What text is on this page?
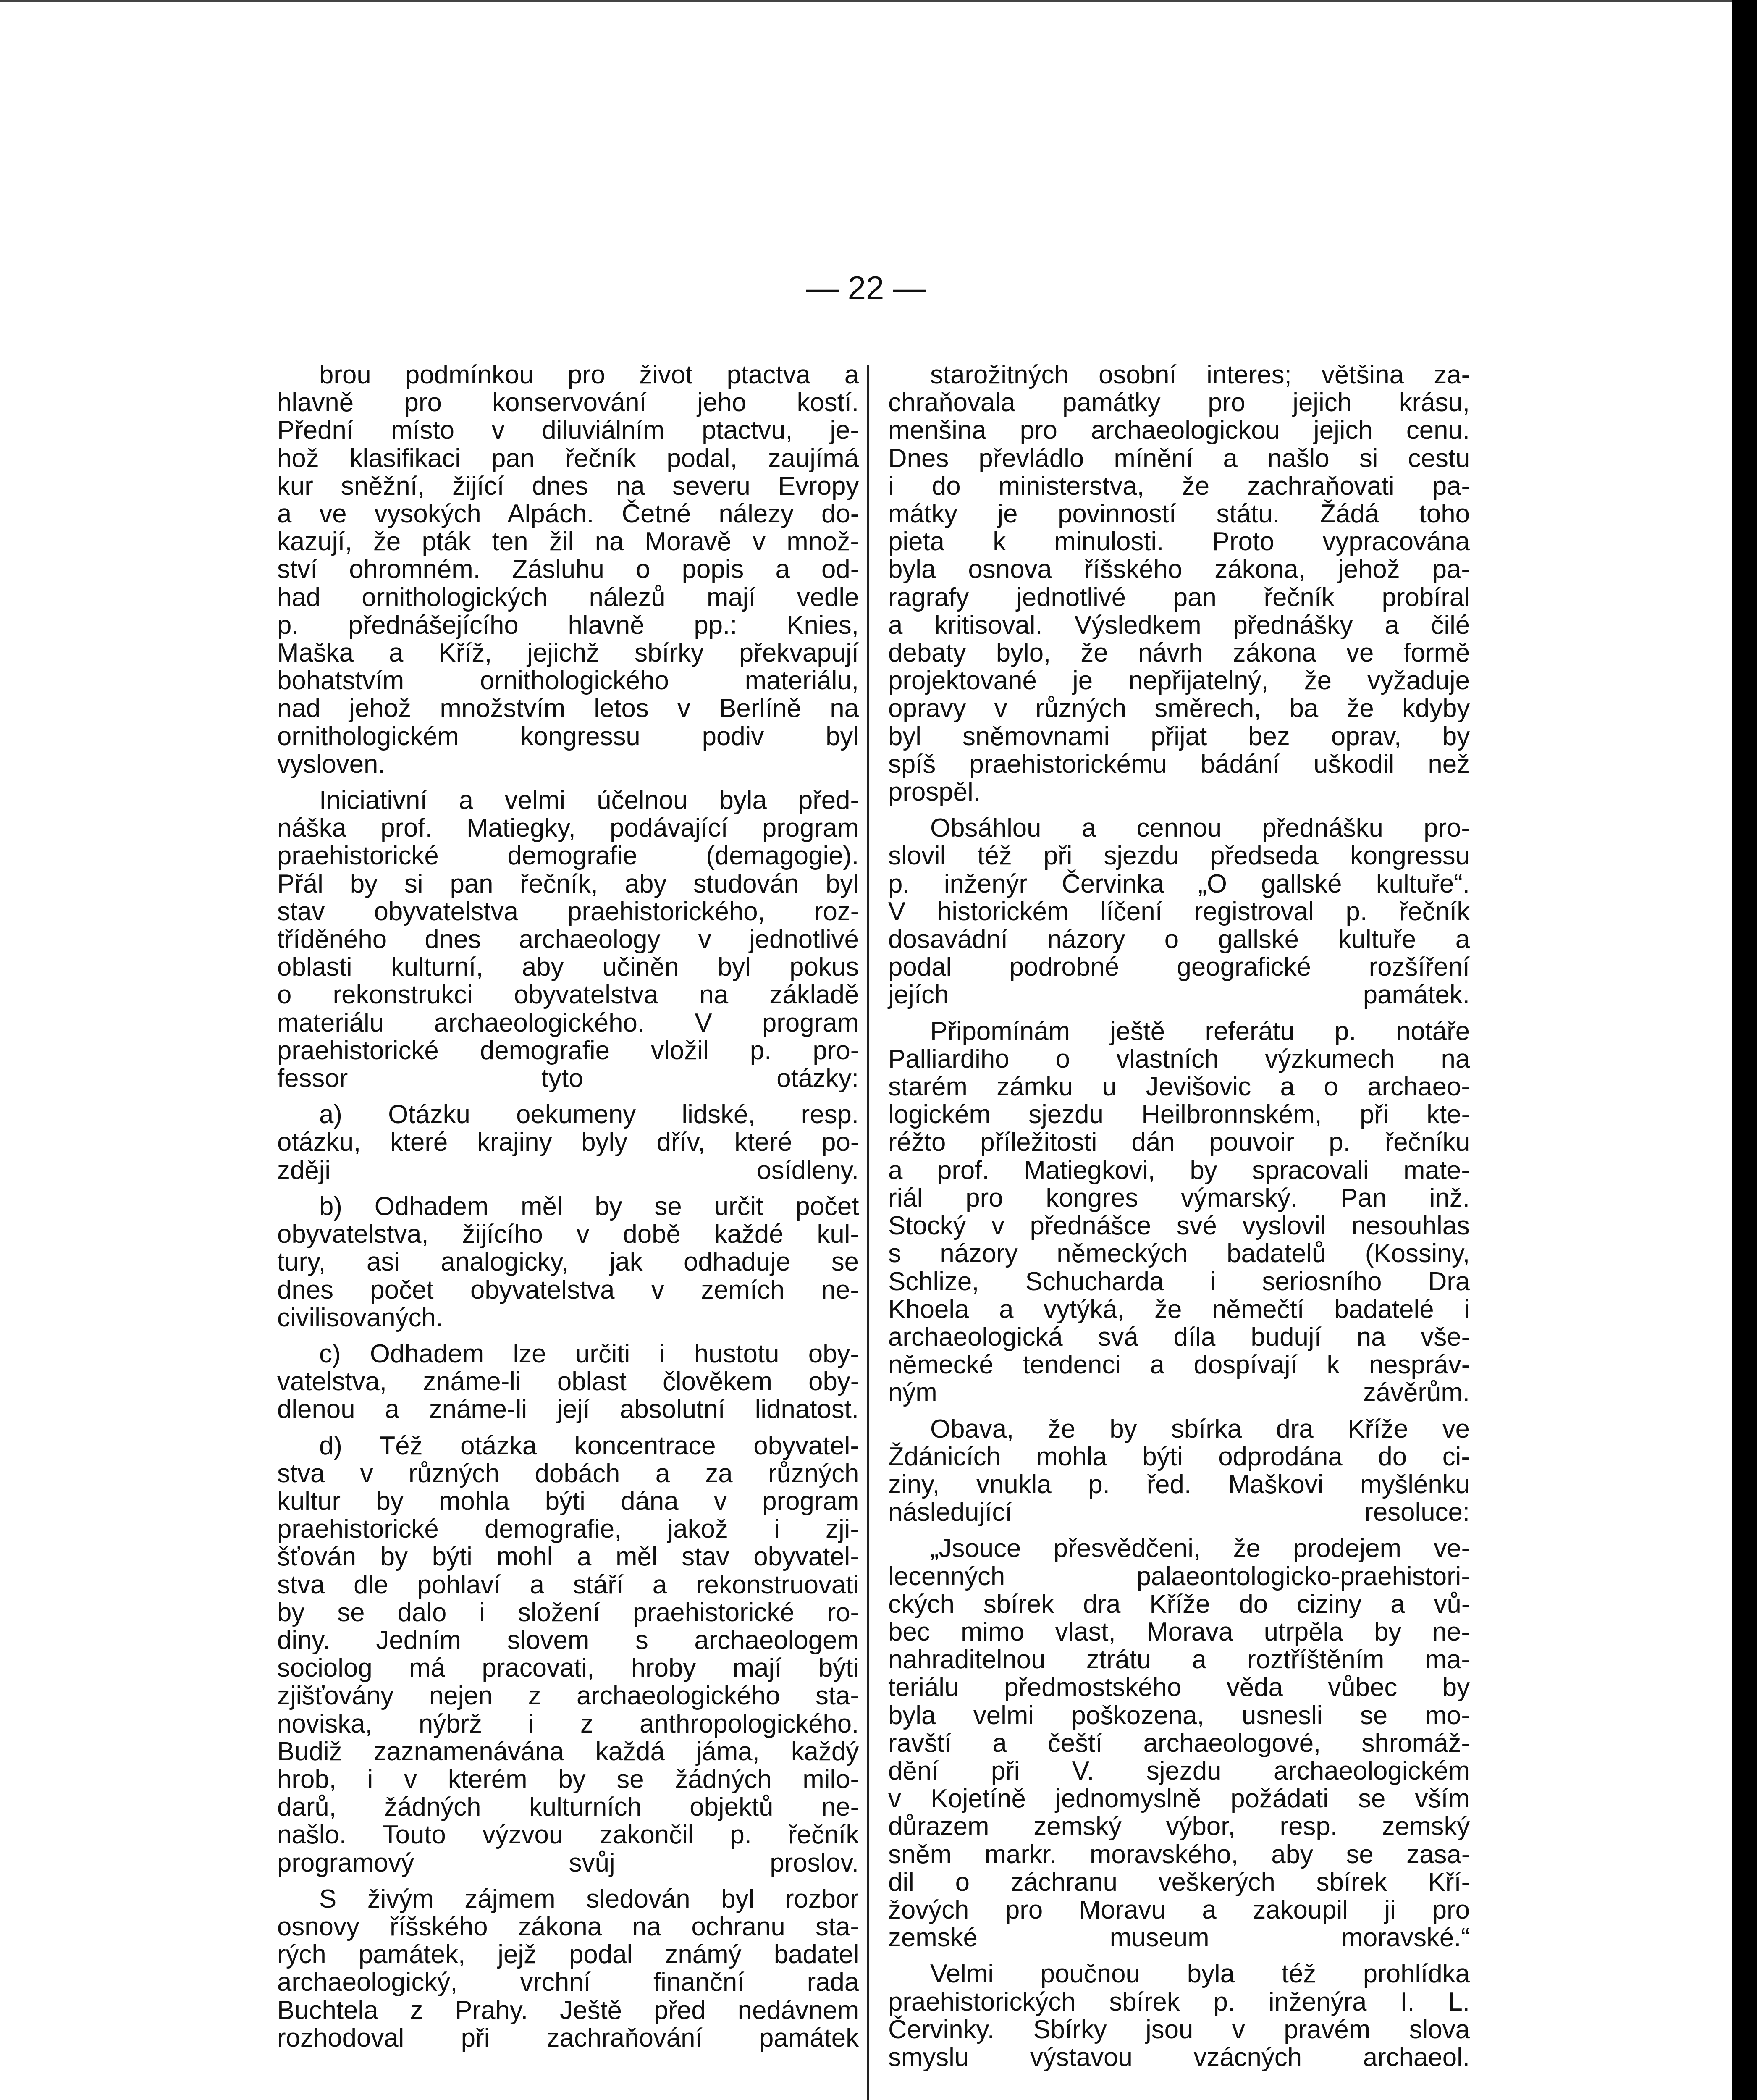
— 22 —

brou podmínkou pro život ptactva a
hlavně pro konservování jeho kostí.
Přední místo v diluviálním ptactvu, je-
hož klasifikaci pan řečník podal, zaujímá
kur sněžní, žijící dnes na severu Evropy
a ve vysokých Alpách. Četné nálezy do-
kazují, že pták ten žil na Moravě v množ-
ství ohromném. Zásluhu o popis a od-
had ornithologických nálezů mají vedle
p. přednášejícího hlavně pp.: Knies,
Maška a Kříž, jejichž sbírky překvapují
bohatstvím ornithologického materiálu,
nad jehož množstvím letos v Berlíně na
ornithologickém kongressu podiv byl
vysloven.

Iniciativní a velmi účelnou byla před-
náška prof. Matiegky, podávající program
praehistorické demografie (demagogie).
Přál by si pan řečník, aby studován byl
stav obyvatelstva praehistorického, roz-
tříděného dnes archaeology v jednotlivé
oblasti kulturní, aby učiněn byl pokus
o rekonstrukci obyvatelstva na základě
materiálu archaeologického. V program
praehistorické demografie vložil p. pro-
fessor tyto otázky:

a) Otázku oekumeny lidské, resp.
otázku, které krajiny byly dřív, které po-
zději osídleny.

b) Odhadem měl by se určit počet
obyvatelstva, žijícího v době každé kul-
tury, asi analogicky, jak odhaduje se
dnes počet obyvatelstva v zemích ne-
civilisovaných.

c) Odhadem lze určiti i hustotu oby-
vatelstva, známe-li oblast člověkem oby-
dlenou a známe-li její absolutní lidnatost.

d) Též otázka koncentrace obyvatel-
stva v různých dobách a za různých
kultur by mohla býti dána v program
praehistorické demografie, jakož i zji-
šťován by býti mohl a měl stav obyvatel-
stva dle pohlaví a stáří a rekonstruovati
by se dalo i složení praehistorické ro-
diny. Jedním slovem s archaeologem
sociolog má pracovati, hroby mají býti
zjišťovány nejen z archaeologického sta-
noviska, nýbrž i z anthropologického.
Budiž zaznamenávána každá jáma, každý
hrob, i v kterém by se žádných milo-
darů, žádných kulturních objektů ne-
našlo. Touto výzvou zakončil p. řečník
programový svůj proslov.

S živým zájmem sledován byl rozbor
osnovy říšského zákona na ochranu sta-
rých památek, jejž podal známý badatel
archaeologický, vrchní finanční rada
Buchtela z Prahy. Ještě před nedávnem
rozhodoval při zachraňování památek

starožitných osobní interes; většina za-
chraňovala památky pro jejich krásu,
menšina pro archaeologickou jejich cenu.
Dnes převládlo mínění a našlo si cestu
i do ministerstva, že zachraňovati pa-
mátky je povinností státu. Žádá toho
pieta k minulosti. Proto vypracována
byla osnova říšského zákona, jehož pa-
ragrafy jednotlivé pan řečník probíral
a kritisoval. Výsledkem přednášky a čilé
debaty bylo, že návrh zákona ve formě
projektované je nepřijatelný, že vyžaduje
opravy v různých směrech, ba že kdyby
byl sněmovnami přijat bez oprav, by
spíš praehistorickému bádání uškodil než
prospěl.

Obsáhlou a cennou přednášku pro-
slovil též při sjezdu předseda kongressu
p. inženýr Červinka „O gallské kultuře“.
V historickém líčení registroval p. řečník
dosavádní názory o gallské kultuře a
podal podrobné geografické rozšíření
jejích památek.

Připomínám ještě referátu p. notáře
Palliardiho o vlastních výzkumech na
starém zámku u Jevišovic a o archaeo-
logickém sjezdu Heilbronnském, při kte-
réžto příležitosti dán pouvoir p. řečníku
a prof. Matiegkovi, by spracovali mate-
riál pro kongres výmarský. Pan inž.
Stocký v přednášce své vyslovil nesouhlas
s názory německých badatelů (Kossiny,
Schlize, Schucharda i seriosního Dra
Khoela a vytýká, že němečtí badatelé i
archaeologická svá díla budují na vše-
německé tendenci a dospívají k nespráv-
ným závěrům.

Obava, že by sbírka dra Kříže ve
Ždánicích mohla býti odprodána do ci-
ziny, vnukla p. řed. Maškovi myšlénku
následující resoluce:

„Jsouce přesvědčeni, že prodejem ve-
lecenných palaeontologicko-praehistori-
ckých sbírek dra Kříže do ciziny a vů-
bec mimo vlast, Morava utrpěla by ne-
nahraditelnou ztrátu a roztříštěním ma-
teriálu předmostského věda vůbec by
byla velmi poškozena, usnesli se mo-
ravští a čeští archaeologové, shromáž-
dění při V. sjezdu archaeologickém
v Kojetíně jednomyslně požádati se vším
důrazem zemský výbor, resp. zemský
sněm markr. moravského, aby se zasa-
dil o záchranu veškerých sbírek Kří-
žových pro Moravu a zakoupil ji pro
zemské museum moravské.“

Velmi poučnou byla též prohlídka
praehistorických sbírek p. inženýra I. L.
Červinky. Sbírky jsou v pravém slova
smyslu výstavou vzácných archaeol.
